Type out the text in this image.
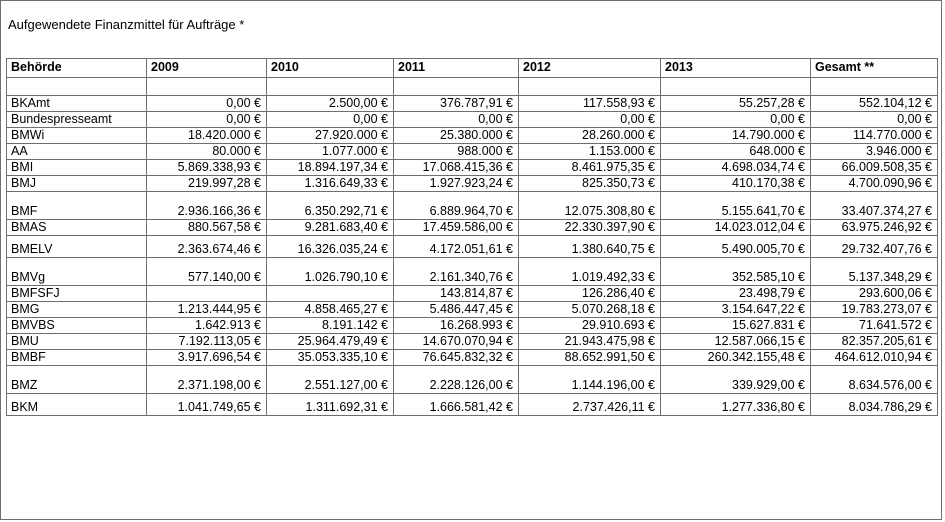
Aufgewendete Finanzmittel für Aufträge *
Behörde	2009	2010	2011	2012	2013	Gesamt **

BKAmt	0,00 €	2.500,00 €	376.787,91 €	117.558,93 €	55.257,28 €	552.104,12 €
Bundespresseamt	0,00 €	0,00 €	0,00 €	0,00 €	0,00 €	0,00 €
BMWi	18.420.000 €	27.920.000 €	25.380.000 €	28.260.000 €	14.790.000 €	114.770.000 €
AA	80.000 €	1.077.000 €	988.000 €	1.153.000 €	648.000 €	3.946.000 €
BMI	5.869.338,93 €	18.894.197,34 €	17.068.415,36 €	8.461.975,35 €	4.698.034,74 €	66.009.508,35 €
BMJ	219.997,28 €	1.316.649,33 €	1.927.923,24 €	825.350,73 €	410.170,38 €	4.700.090,96 €
BMF	2.936.166,36 €	6.350.292,71 €	6.889.964,70 €	12.075.308,80 €	5.155.641,70 €	33.407.374,27 €
BMAS	880.567,58 €	9.281.683,40 €	17.459.586,00 €	22.330.397,90 €	14.023.012,04 €	63.975.246,92 €
BMELV	2.363.674,46 €	16.326.035,24 €	4.172.051,61 €	1.380.640,75 €	5.490.005,70 €	29.732.407,76 €
BMVg	577.140,00 €	1.026.790,10 €	2.161.340,76 €	1.019.492,33 €	352.585,10 €	5.137.348,29 €
BMFSFJ			143.814,87 €	126.286,40 €	23.498,79 €	293.600,06 €
BMG	1.213.444,95 €	4.858.465,27 €	5.486.447,45 €	5.070.268,18 €	3.154.647,22 €	19.783.273,07 €
BMVBS	1.642.913 €	8.191.142 €	16.268.993 €	29.910.693 €	15.627.831 €	71.641.572 €
BMU	7.192.113,05 €	25.964.479,49 €	14.670.070,94 €	21.943.475,98 €	12.587.066,15 €	82.357.205,61 €
BMBF	3.917.696,54 €	35.053.335,10 €	76.645.832,32 €	88.652.991,50 €	260.342.155,48 €	464.612.010,94 €
BMZ	2.371.198,00 €	2.551.127,00 €	2.228.126,00 €	1.144.196,00 €	339.929,00 €	8.634.576,00 €
BKM	1.041.749,65 €	1.311.692,31 €	1.666.581,42 €	2.737.426,11 €	1.277.336,80 €	8.034.786,29 €
